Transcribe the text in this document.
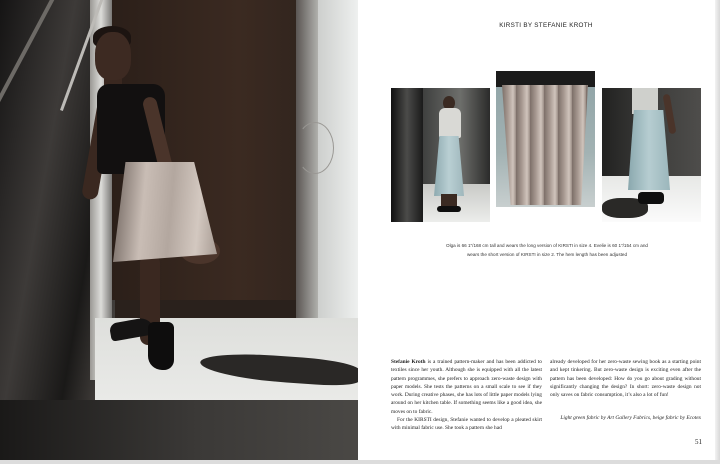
KIRSTI BY STEFANIE KROTH
Olga is 66 1″/168 cm tall and wears the long version of KIRSTI in size 4. Evelie is 60 1″/154 cm and
wears the short version of KIRSTI in size 2. The hem length has been adjusted

Stefanie Kroth is a trained pattern-maker and has been addicted to textiles since her youth. Although she is equipped with all the latest pattern programmes, she prefers to approach zero-waste design with paper models. She tests the patterns on a small scale to see if they work. During creative phases, she has lots of little paper models lying around on her kitchen table. If something seems like a good idea, she moves on to fabric.
For the KIRSTI design, Stefanie wanted to develop a pleated skirt with minimal fabric use. She took a pattern she had

already developed for her zero-waste sewing book as a starting point and kept tinkering. But zero-waste design is exciting even after the pattern has been developed: How do you go about grading without significantly changing the design? In short: zero-waste design not only saves on fabric consumption, it’s also a lot of fun!

Light green fabric by Art Gallery Fabrics, beige fabric by Ecotex
51
